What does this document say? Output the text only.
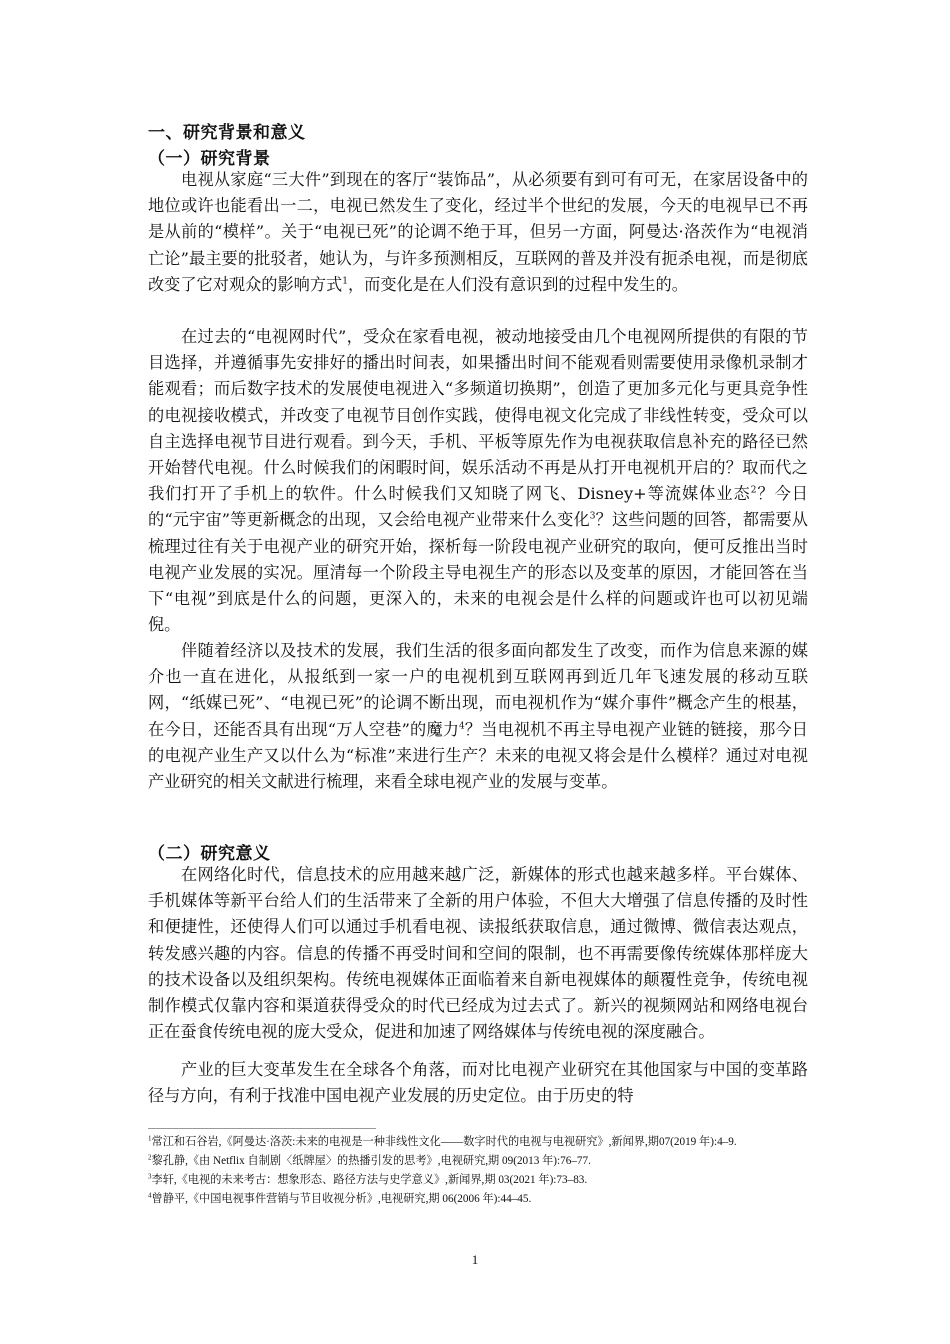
一、研究背景和意义
（一）研究背景

电视从家庭“三大件”到现在的客厅“装饰品”，从必须要有到可有可无，在家居设备中的地位或许也能看出一二，电视已然发生了变化，经过半个世纪的发展，今天的电视早已不再是从前的“模样”。关于“电视已死”的论调不绝于耳，但另一方面，阿曼达·洛茨作为“电视消亡论”最主要的批驳者，她认为，与许多预测相反，互联网的普及并没有扼杀电视，而是彻底改变了它对观众的影响方式$^1$，而变化是在人们没有意识到的过程中发生的。

在过去的“电视网时代”，受众在家看电视，被动地接受由几个电视网所提供的有限的节目选择，并遵循事先安排好的播出时间表，如果播出时间不能观看则需要使用录像机录制才能观看；而后数字技术的发展使电视进入“多频道切换期”，创造了更加多元化与更具竞争性的电视接收模式，并改变了电视节目创作实践，使得电视文化完成了非线性转变，受众可以自主选择电视节目进行观看。到今天，手机、平板等原先作为电视获取信息补充的路径已然开始替代电视。什么时候我们的闲暇时间，娱乐活动不再是从打开电视机开启的？取而代之我们打开了手机上的软件。什么时候我们又知晓了网飞、Disney+等流媒体业态$^2$？今日的“元宇宙”等更新概念的出现，又会给电视产业带来什么变化$^3$？这些问题的回答，都需要从梳理过往有关于电视产业的研究开始，探析每一阶段电视产业研究的取向，便可反推出当时电视产业发展的实况。厘清每一个阶段主导电视生产的形态以及变革的原因，才能回答在当下“电视”到底是什么的问题，更深入的，未来的电视会是什么样的问题或许也可以初见端倪。

伴随着经济以及技术的发展，我们生活的很多面向都发生了改变，而作为信息来源的媒介也一直在进化，从报纸到一家一户的电视机到互联网再到近几年飞速发展的移动互联网，“纸媒已死”、“电视已死”的论调不断出现，而电视机作为“媒介事件”概念产生的根基，在今日，还能否具有出现“万人空巷”的魔力$^4$？当电视机不再主导电视产业链的链接，那今日的电视产业生产又以什么为“标准”来进行生产？未来的电视又将会是什么模样？通过对电视产业研究的相关文献进行梳理，来看全球电视产业的发展与变革。

（二）研究意义

在网络化时代，信息技术的应用越来越广泛，新媒体的形式也越来越多样。平台媒体、手机媒体等新平台给人们的生活带来了全新的用户体验，不但大大增强了信息传播的及时性和便捷性，还使得人们可以通过手机看电视、读报纸获取信息，通过微博、微信表达观点，转发感兴趣的内容。信息的传播不再受时间和空间的限制，也不再需要像传统媒体那样庞大的技术设备以及组织架构。传统电视媒体正面临着来自新电视媒体的颠覆性竞争，传统电视制作模式仅靠内容和渠道获得受众的时代已经成为过去式了。新兴的视频网站和网络电视台正在蚕食传统电视的庞大受众，促进和加速了网络媒体与传统电视的深度融合。

产业的巨大变革发生在全球各个角落，而对比电视产业研究在其他国家与中国的变革路径与方向，有利于找准中国电视产业发展的历史定位。由于历史的特

$^1$常江和石谷岩,《阿曼达·洛茨:未来的电视是一种非线性文化——数字时代的电视与电视研究》,新闻界,期07(2019 年):4–9.

$^2$黎孔静,《由 Netflix 自制剧〈纸牌屋〉的热播引发的思考》,电视研究,期 09(2013 年):76–77.

$^3$李轩,《电视的未来考古：想象形态、路径方法与史学意义》,新闻界,期 03(2021 年):73–83.

$^4$曾静平,《中国电视事件营销与节目收视分析》,电视研究,期 06(2006 年):44–45.

1
